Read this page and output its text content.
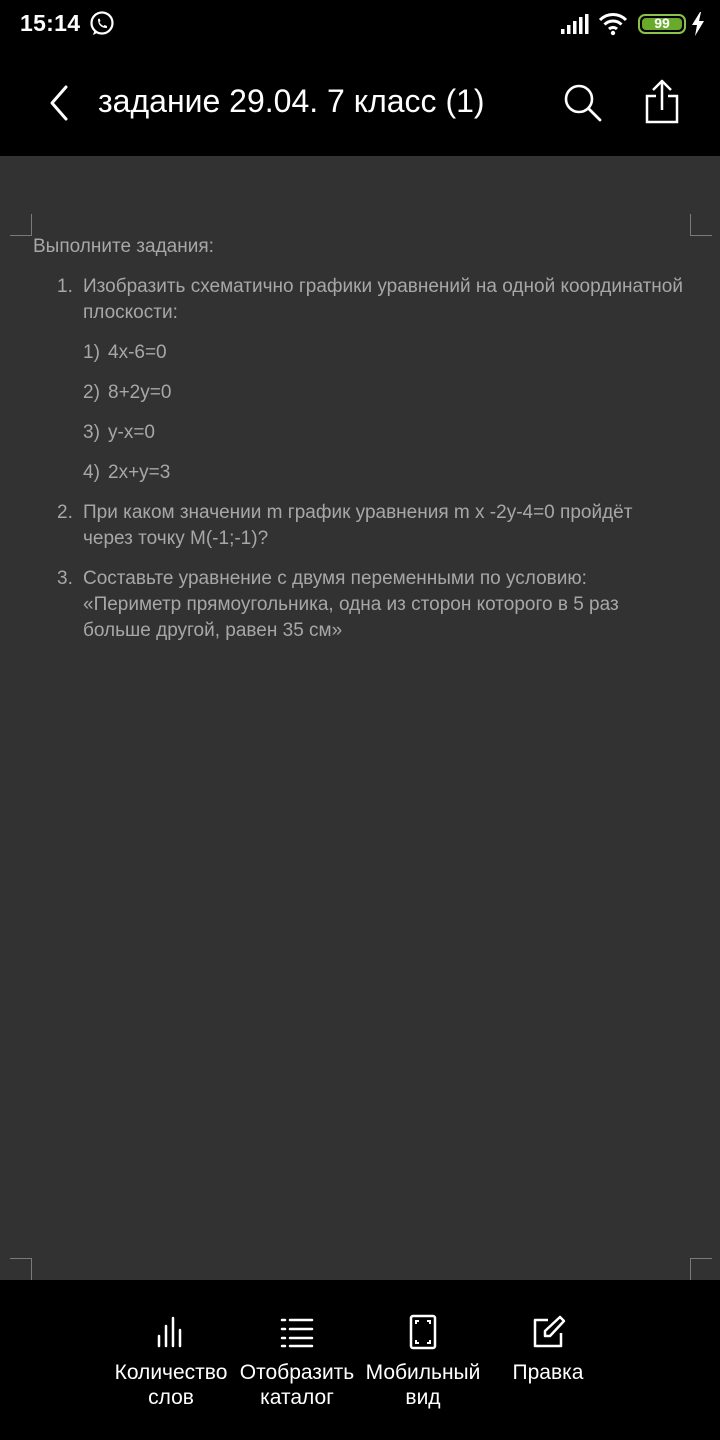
15:14	99
задание 29.04. 7 класс (1)
Выполните задания:
1. Изобразить схематично графики уравнений на одной координатной плоскости:
1) 4x-6=0
2) 8+2y=0
3) y-x=0
4) 2x+y=3
2. При каком значении m график уравнения m x -2y-4=0 пройдёт через точку М(-1;-1)?
3. Составьте уравнение с двумя переменными по условию: «Периметр прямоугольника, одна из сторон которого в 5 раз больше другой, равен 35 см»
Количество
слов
Отобразить
каталог
Мобильный
вид
Правка
